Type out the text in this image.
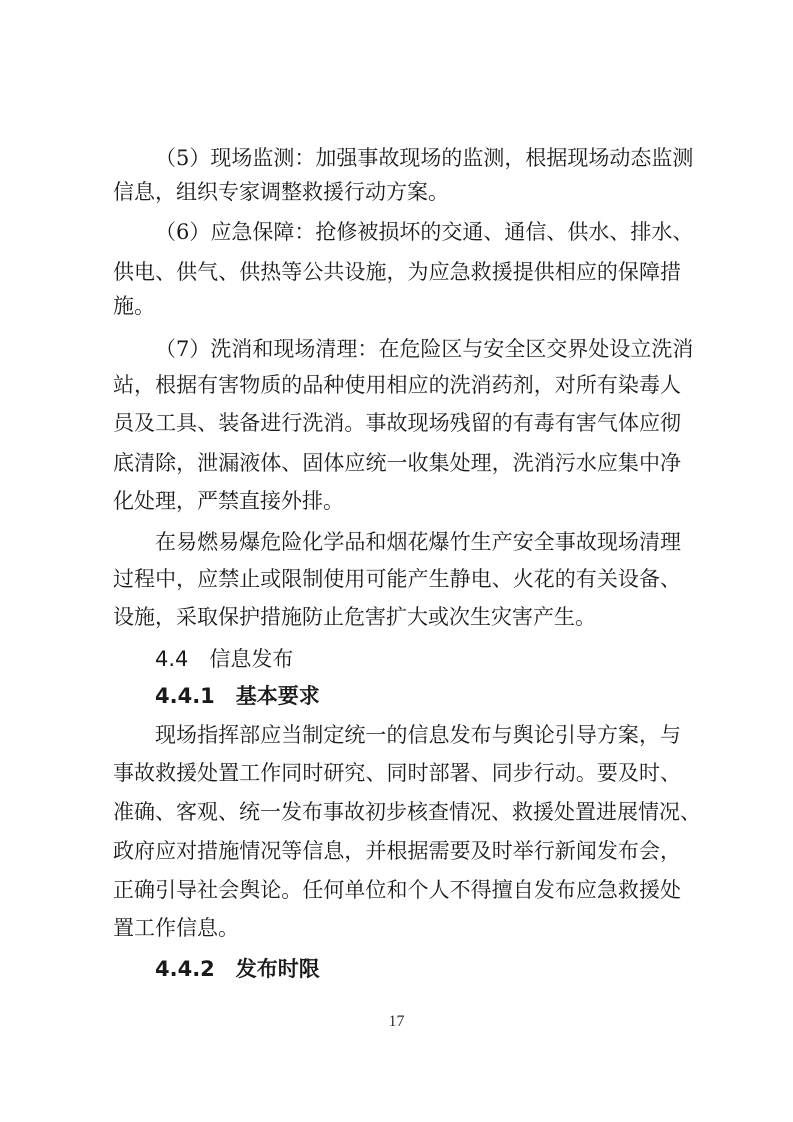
（5）现场监测：加强事故现场的监测，根据现场动态监测
信息，组织专家调整救援行动方案。
（6）应急保障：抢修被损坏的交通、通信、供水、排水、
供电、供气、供热等公共设施，为应急救援提供相应的保障措
施。
（7）洗消和现场清理：在危险区与安全区交界处设立洗消
站，根据有害物质的品种使用相应的洗消药剂，对所有染毒人
员及工具、装备进行洗消。事故现场残留的有毒有害气体应彻
底清除，泄漏液体、固体应统一收集处理，洗消污水应集中净
化处理，严禁直接外排。
在易燃易爆危险化学品和烟花爆竹生产安全事故现场清理
过程中，应禁止或限制使用可能产生静电、火花的有关设备、
设施，采取保护措施防止危害扩大或次生灾害产生。
4.4　信息发布
4.4.1　基本要求
现场指挥部应当制定统一的信息发布与舆论引导方案，与
事故救援处置工作同时研究、同时部署、同步行动。要及时、
准确、客观、统一发布事故初步核查情况、救援处置进展情况、
政府应对措施情况等信息，并根据需要及时举行新闻发布会，
正确引导社会舆论。任何单位和个人不得擅自发布应急救援处
置工作信息。
4.4.2　发布时限
17
